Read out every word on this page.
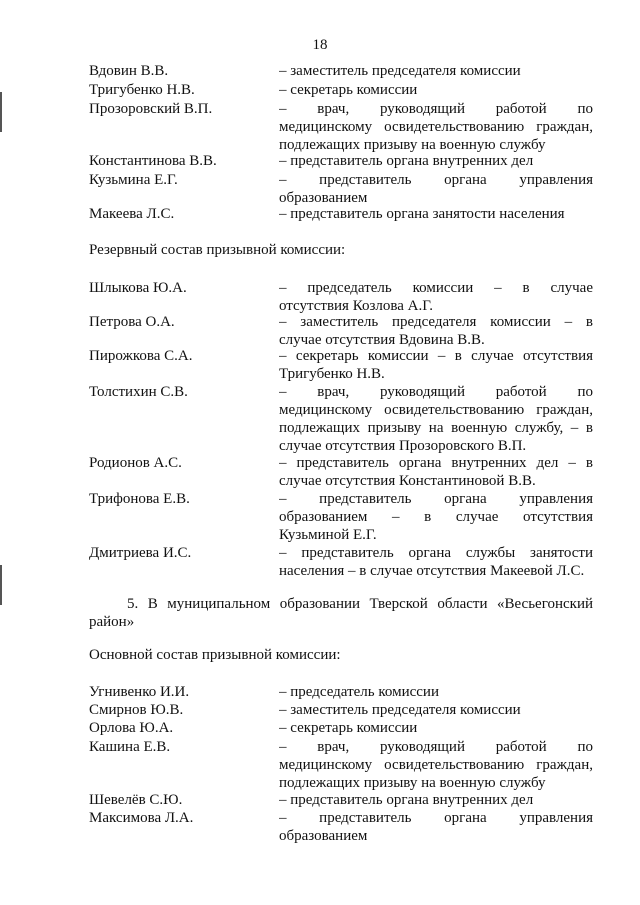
18
Вдовин В.В.	– заместитель председателя комиссии
Тригубенко Н.В.	– секретарь комиссии
Прозоровский В.П.	– врач, руководящий работой по
медицинскому освидетельствованию граждан,
подлежащих призыву на военную службу
Константинова В.В.	– представитель органа внутренних дел
Кузьмина Е.Г.	– представитель органа управления
образованием
Макеева Л.С.	– представитель органа занятости населения
Шлыкова Ю.А.	– председатель комиссии – в случае
отсутствия Козлова А.Г.
Петрова О.А.	– заместитель председателя комиссии – в
случае отсутствия Вдовина В.В.
Пирожкова С.А.	– секретарь комиссии – в случае отсутствия
Тригубенко Н.В.
Толстихин С.В.	– врач, руководящий работой по
медицинскому освидетельствованию граждан,
подлежащих призыву на военную службу, – в
случае отсутствия Прозоровского В.П.
Родионов А.С.	– представитель органа внутренних дел – в
случае отсутствия Константиновой В.В.
Трифонова Е.В.	– представитель органа управления
образованием – в случае отсутствия
Кузьминой Е.Г.
Дмитриева И.С.	– представитель органа службы занятости
населения – в случае отсутствия Макеевой Л.С.
Угнивенко И.И.	– председатель комиссии
Смирнов Ю.В.	– заместитель председателя комиссии
Орлова Ю.А.	– секретарь комиссии
Кашина Е.В.	– врач, руководящий работой по
медицинскому освидетельствованию граждан,
подлежащих призыву на военную службу
Шевелёв С.Ю.	– представитель органа внутренних дел
Максимова Л.А.	– представитель органа управления
образованием
Резервный состав призывной комиссии:
5. В муниципальном образовании Тверской области «Весьегонский
район»
Основной состав призывной комиссии:
